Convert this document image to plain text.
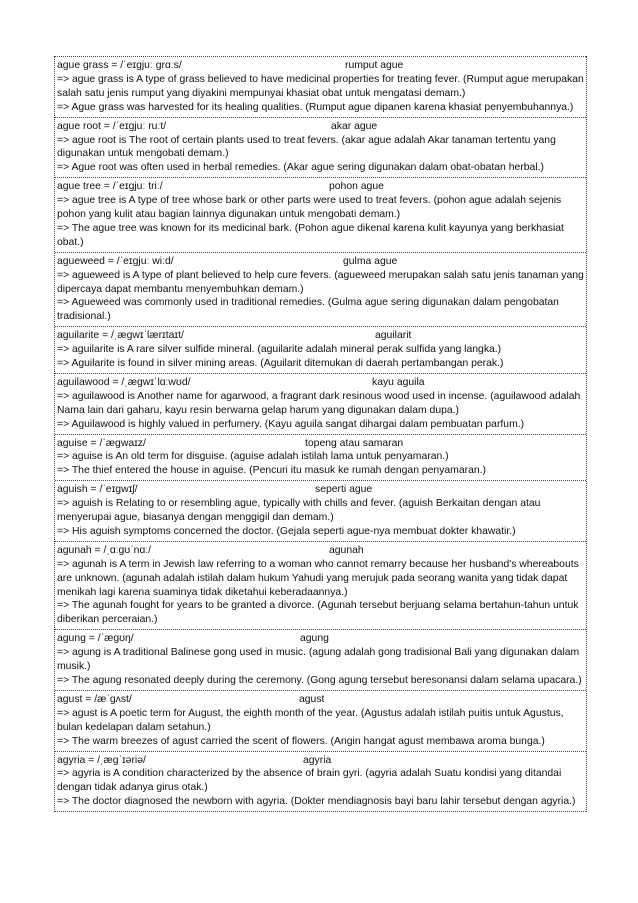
ague grass = /ˈeɪɡjuː ɡrɑːs/	rumput ague
=> ague grass is A type of grass believed to have medicinal properties for treating fever. (Rumput ague merupakan salah satu jenis rumput yang diyakini mempunyai khasiat obat untuk mengatasi demam.)
=> Ague grass was harvested for its healing qualities. (Rumput ague dipanen karena khasiat penyembuhannya.)
ague root = /ˈeɪɡjuː ruːt/	akar ague
=> ague root is The root of certain plants used to treat fevers. (akar ague adalah Akar tanaman tertentu yang digunakan untuk mengobati demam.)
=> Ague root was often used in herbal remedies. (Akar ague sering digunakan dalam obat-obatan herbal.)
ague tree = /ˈeɪɡjuː triː/	pohon ague
=> ague tree is A type of tree whose bark or other parts were used to treat fevers. (pohon ague adalah sejenis pohon yang kulit atau bagian lainnya digunakan untuk mengobati demam.)
=> The ague tree was known for its medicinal bark. (Pohon ague dikenal karena kulit kayunya yang berkhasiat obat.)
agueweed = /ˈeɪɡjuː wiːd/	gulma ague
=> agueweed is A type of plant believed to help cure fevers. (agueweed merupakan salah satu jenis tanaman yang dipercaya dapat membantu menyembuhkan demam.)
=> Agueweed was commonly used in traditional remedies. (Gulma ague sering digunakan dalam pengobatan tradisional.)
aguilarite = /ˌæɡwɪˈlærɪtaɪt/	aguilarit
=> aguilarite is A rare silver sulfide mineral. (aguilarite adalah mineral perak sulfida yang langka.)
=> Aguilarite is found in silver mining areas. (Aguilarit ditemukan di daerah pertambangan perak.)
aguilawood = /ˌæɡwɪˈlɑːwʊd/	kayu aguila
=> aguilawood is Another name for agarwood, a fragrant dark resinous wood used in incense. (aguilawood adalah Nama lain dari gaharu, kayu resin berwarna gelap harum yang digunakan dalam dupa.)
=> Aguilawood is highly valued in perfumery. (Kayu aguila sangat dihargai dalam pembuatan parfum.)
aguise = /ˈæɡwaɪz/	topeng atau samaran
=> aguise is An old term for disguise. (aguise adalah istilah lama untuk penyamaran.)
=> The thief entered the house in aguise. (Pencuri itu masuk ke rumah dengan penyamaran.)
aguish = /ˈeɪɡwɪʃ/	seperti ague
=> aguish is Relating to or resembling ague, typically with chills and fever. (aguish Berkaitan dengan atau menyerupai ague, biasanya dengan menggigil dan demam.)
=> His aguish symptoms concerned the doctor. (Gejala seperti ague-nya membuat dokter khawatir.)
agunah = /ˌɑːɡʊˈnɑː/	agunah
=> agunah is A term in Jewish law referring to a woman who cannot remarry because her husband's whereabouts are unknown. (agunah adalah istilah dalam hukum Yahudi yang merujuk pada seorang wanita yang tidak dapat menikah lagi karena suaminya tidak diketahui keberadaannya.)
=> The agunah fought for years to be granted a divorce. (Agunah tersebut berjuang selama bertahun-tahun untuk diberikan perceraian.)
agung = /ˈæɡʊŋ/	agung
=> agung is A traditional Balinese gong used in music. (agung adalah gong tradisional Bali yang digunakan dalam musik.)
=> The agung resonated deeply during the ceremony. (Gong agung tersebut beresonansi dalam selama upacara.)
agust = /æˈɡʌst/	agust
=> agust is A poetic term for August, the eighth month of the year. (Agustus adalah istilah puitis untuk Agustus, bulan kedelapan dalam setahun.)
=> The warm breezes of agust carried the scent of flowers. (Angin hangat agust membawa aroma bunga.)
agyria = /ˌæɡˈɪəriə/	agyria
=> agyria is A condition characterized by the absence of brain gyri. (agyria adalah Suatu kondisi yang ditandai dengan tidak adanya girus otak.)
=> The doctor diagnosed the newborn with agyria. (Dokter mendiagnosis bayi baru lahir tersebut dengan agyria.)
